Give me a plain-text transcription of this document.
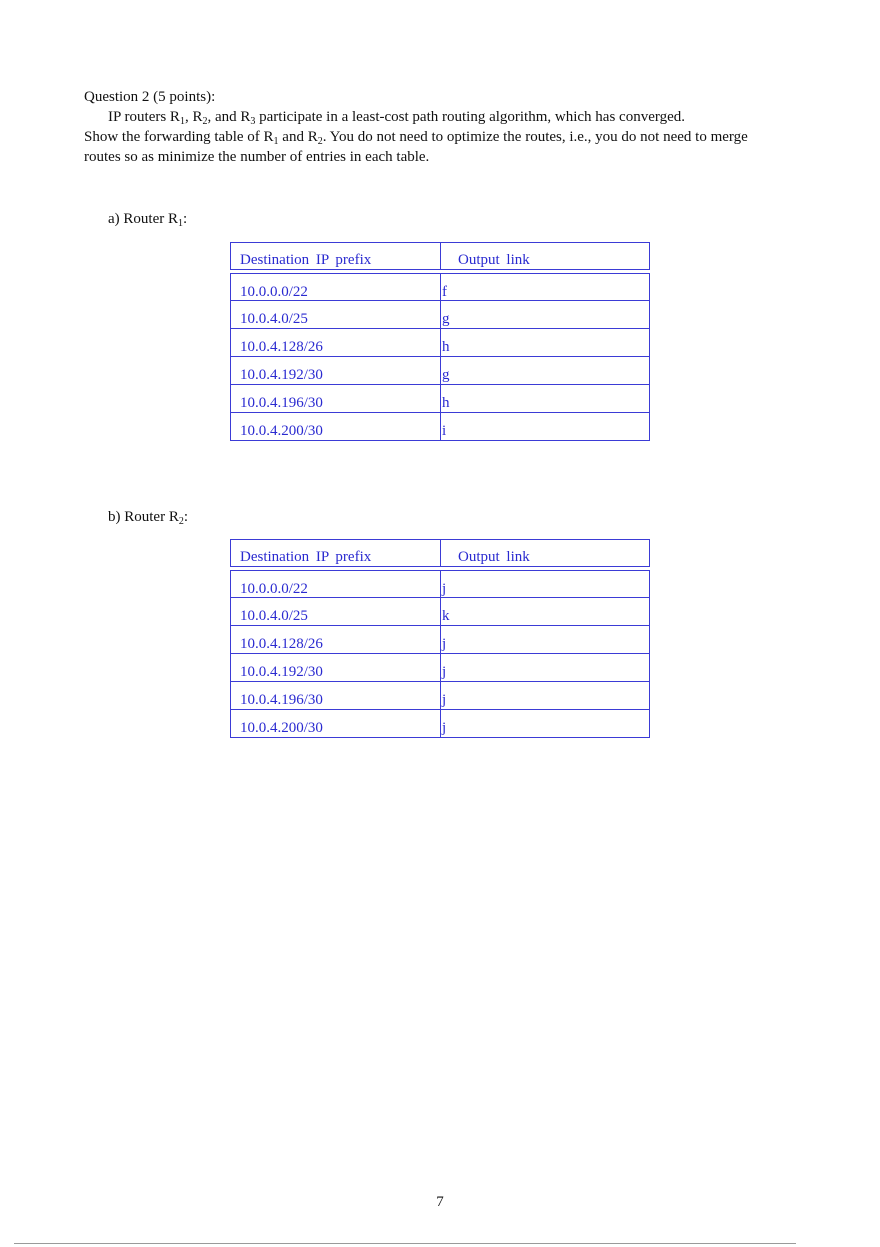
Question 2 (5 points):
IP routers $R_1$, $R_2$, and $R_3$ participate in a least-cost path routing algorithm, which has converged.
Show the forwarding table of $R_1$ and $R_2$. You do not need to optimize the routes, i.e., you do not need to merge
routes so as minimize the number of entries in each table.
a) Router $R_1$:
Destination IP prefix	Output link
10.0.0.0/22	f
10.0.4.0/25	g
10.0.4.128/26	h
10.0.4.192/30	g
10.0.4.196/30	h
10.0.4.200/30	i
b) Router $R_2$:
Destination IP prefix	Output link
10.0.0.0/22	j
10.0.4.0/25	k
10.0.4.128/26	j
10.0.4.192/30	j
10.0.4.196/30	j
10.0.4.200/30	j
7
